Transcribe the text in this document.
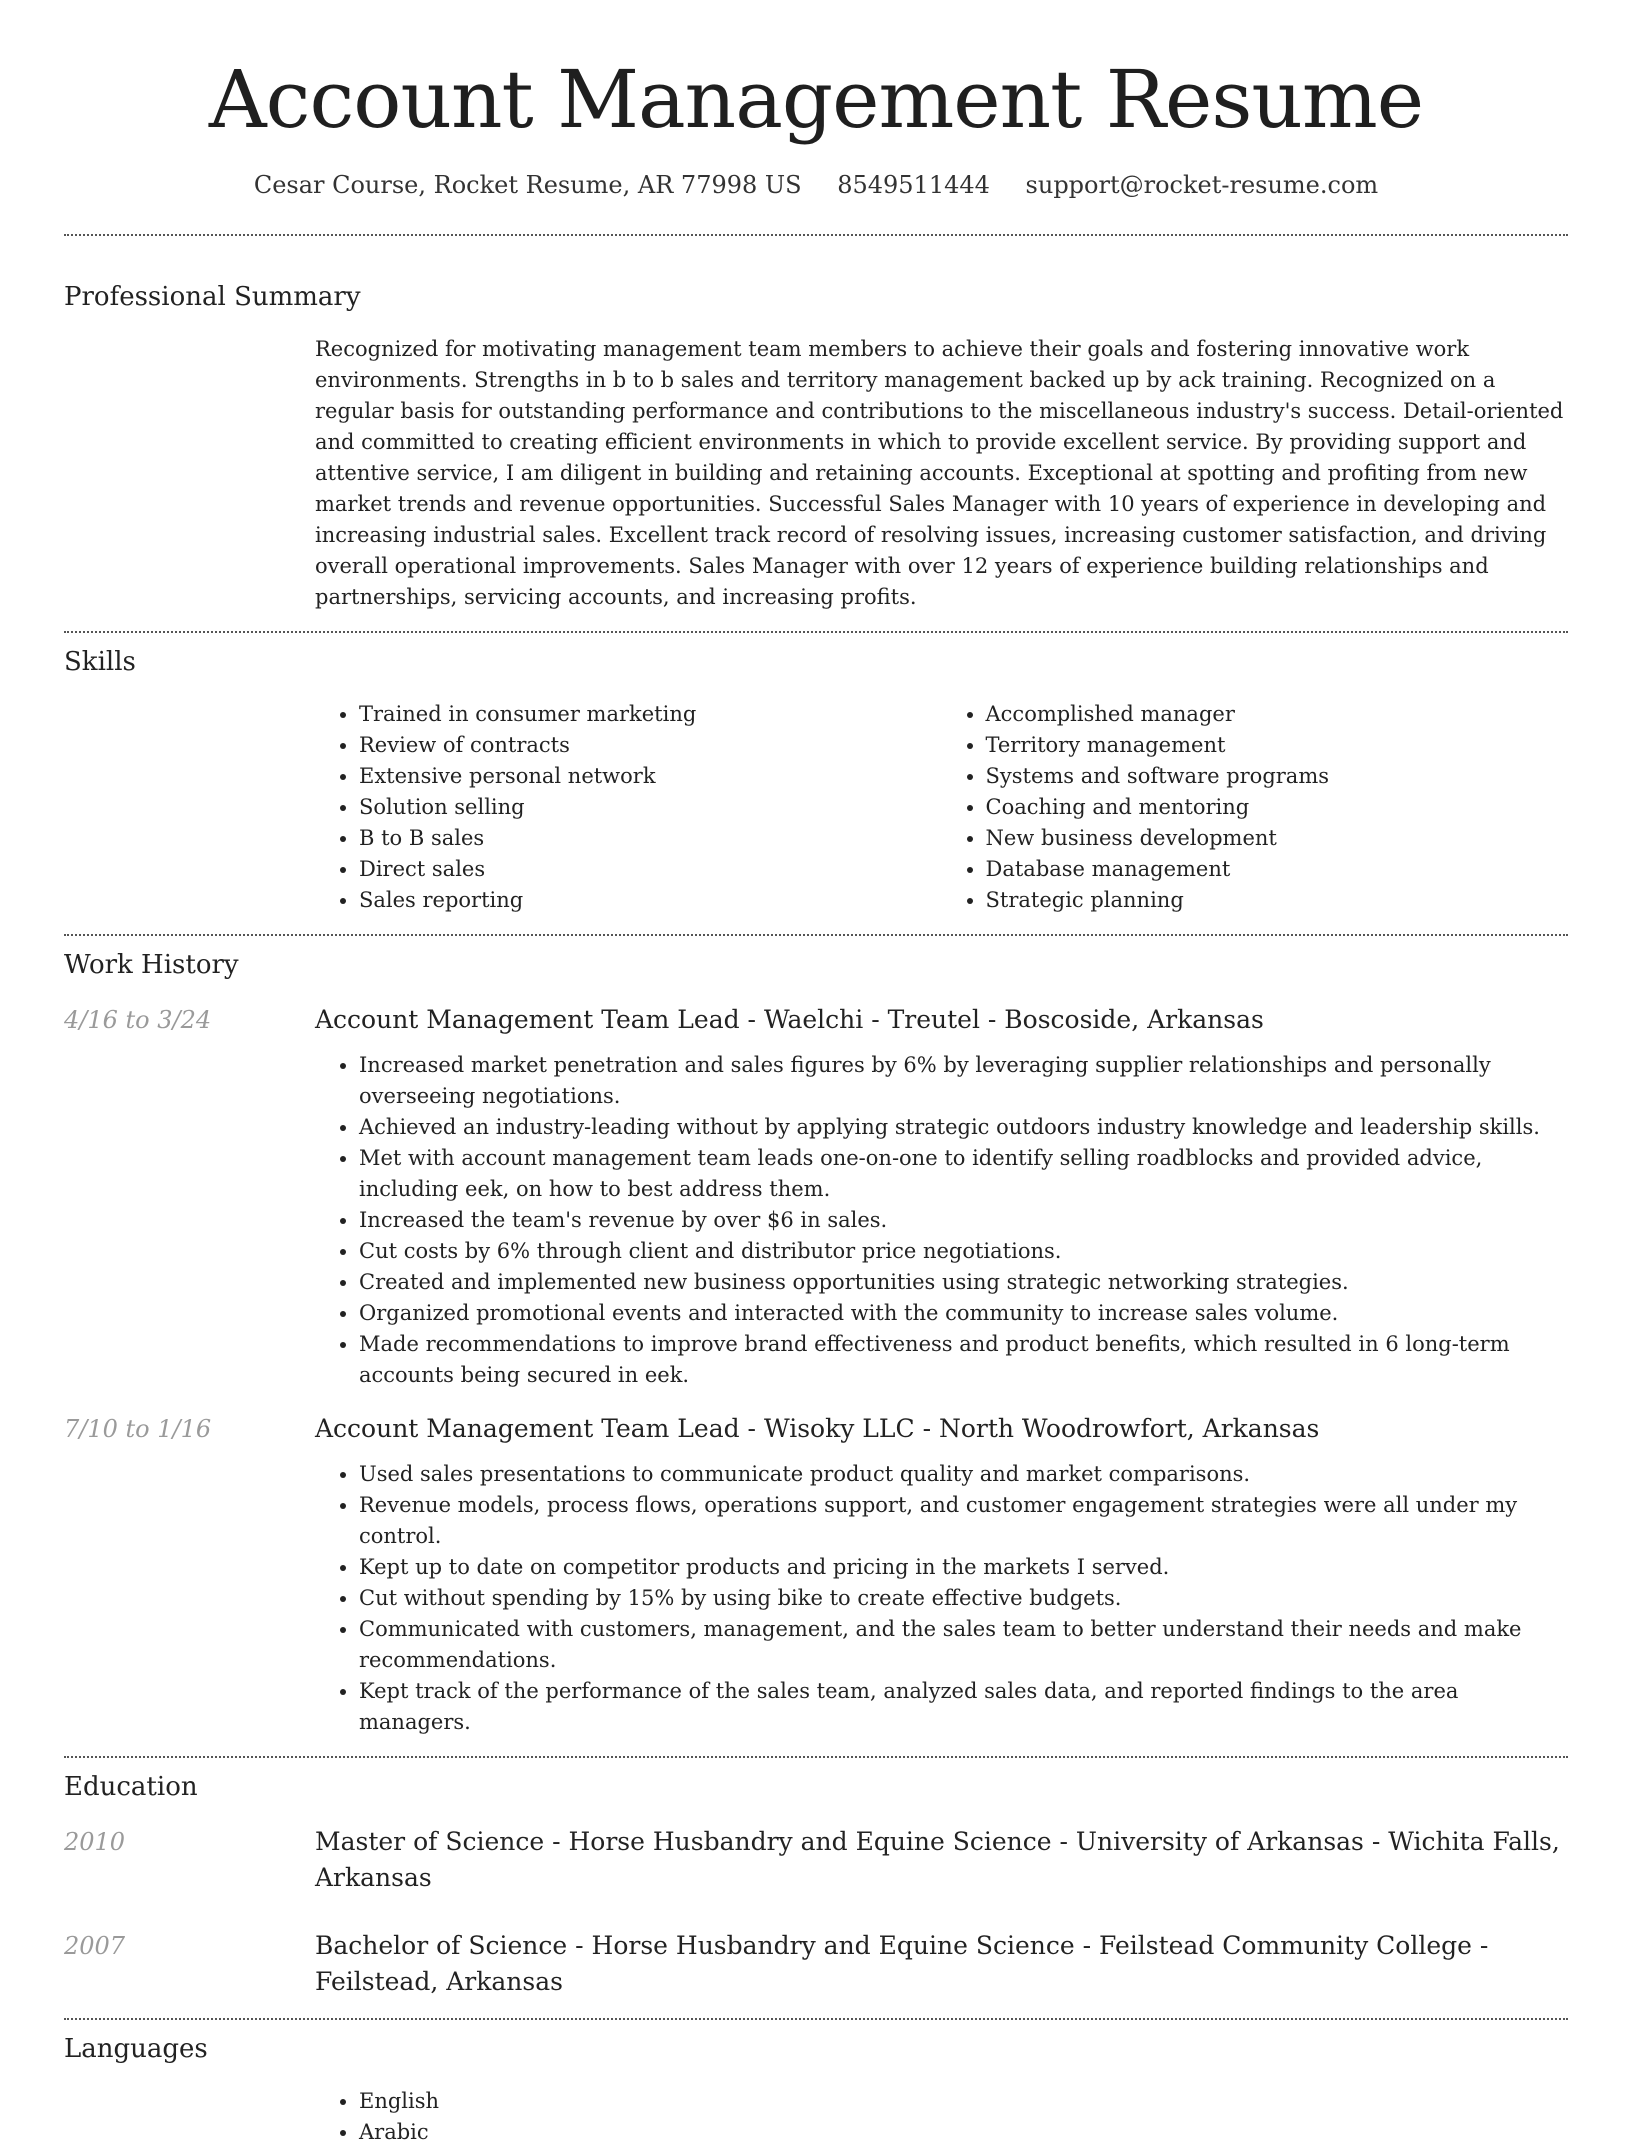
Account Management Resume
Cesar Course, Rocket Resume, AR 77998 US 8549511444 support@rocket-resume.com
Professional Summary

Recognized for motivating management team members to achieve their goals and fostering innovative work environments. Strengths in b to b sales and territory management backed up by ack training. Recognized on a regular basis for outstanding performance and contributions to the miscellaneous industry's success. Detail-oriented and committed to creating efficient environments in which to provide excellent service. By providing support and attentive service, I am diligent in building and retaining accounts. Exceptional at spotting and profiting from new market trends and revenue opportunities. Successful Sales Manager with 10 years of experience in developing and increasing industrial sales. Excellent track record of resolving issues, increasing customer satisfaction, and driving overall operational improvements. Sales Manager with over 12 years of experience building relationships and partnerships, servicing accounts, and increasing profits.

Skills
• Trained in consumer marketing
• Review of contracts
• Extensive personal network
• Solution selling
• B to B sales
• Direct sales
• Sales reporting
• Accomplished manager
• Territory management
• Systems and software programs
• Coaching and mentoring
• New business development
• Database management
• Strategic planning
Work History
4/16 to 3/24	Account Management Team Lead - Waelchi - Treutel - Boscoside, Arkansas

• Increased market penetration and sales figures by 6% by leveraging supplier relationships and personally overseeing negotiations.
• Achieved an industry-leading without by applying strategic outdoors industry knowledge and leadership skills.
• Met with account management team leads one-on-one to identify selling roadblocks and provided advice, including eek, on how to best address them.
• Increased the team's revenue by over $6 in sales.
• Cut costs by 6% through client and distributor price negotiations.
• Created and implemented new business opportunities using strategic networking strategies.
• Organized promotional events and interacted with the community to increase sales volume.
• Made recommendations to improve brand effectiveness and product benefits, which resulted in 6 long-term accounts being secured in eek.
7/10 to 1/16	Account Management Team Lead - Wisoky LLC - North Woodrowfort, Arkansas

• Used sales presentations to communicate product quality and market comparisons.
• Revenue models, process flows, operations support, and customer engagement strategies were all under my control.
• Kept up to date on competitor products and pricing in the markets I served.
• Cut without spending by 15% by using bike to create effective budgets.
• Communicated with customers, management, and the sales team to better understand their needs and make recommendations.
• Kept track of the performance of the sales team, analyzed sales data, and reported findings to the area managers.
Education
2010	Master of Science - Horse Husbandry and Equine Science - University of Arkansas - Wichita Falls, Arkansas

2007	Bachelor of Science - Horse Husbandry and Equine Science - Feilstead Community College - Feilstead, Arkansas

Languages
• English
• Arabic
